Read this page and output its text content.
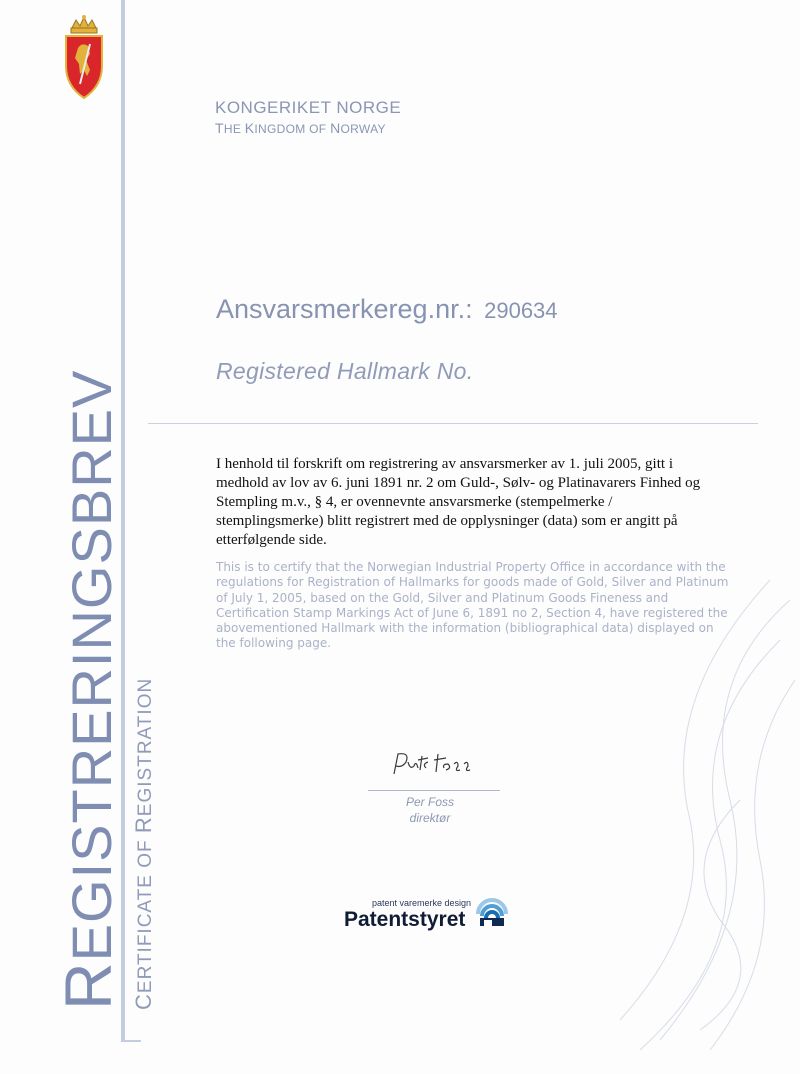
REGISTRERINGSBREV
CERTIFICATE OF REGISTRATION
KONGERIKET NORGE
THE KINGDOM OF NORWAY
Ansvarsmerkereg.nr.: 290634
Registered Hallmark No.
I henhold til forskrift om registrering av ansvarsmerker av 1. juli 2005, gitt i medhold av lov av 6. juni 1891 nr. 2 om Guld-, Sølv- og Platinavarers Finhed og Stempling m.v., § 4, er ovennevnte ansvarsmerke (stempelmerke / stemplingsmerke) blitt registrert med de opplysninger (data) som er angitt på etterfølgende side.
This is to certify that the Norwegian Industrial Property Office in accordance with the regulations for Registration of Hallmarks for goods made of Gold, Silver and Platinum of July 1, 2005, based on the Gold, Silver and Platinum Goods Fineness and Certification Stamp Markings Act of June 6, 1891 no 2, Section 4, have registered the abovementioned Hallmark with the information (bibliographical data) displayed on the following page.
Per Foss
direktør
patent varemerke design
Patentstyret
